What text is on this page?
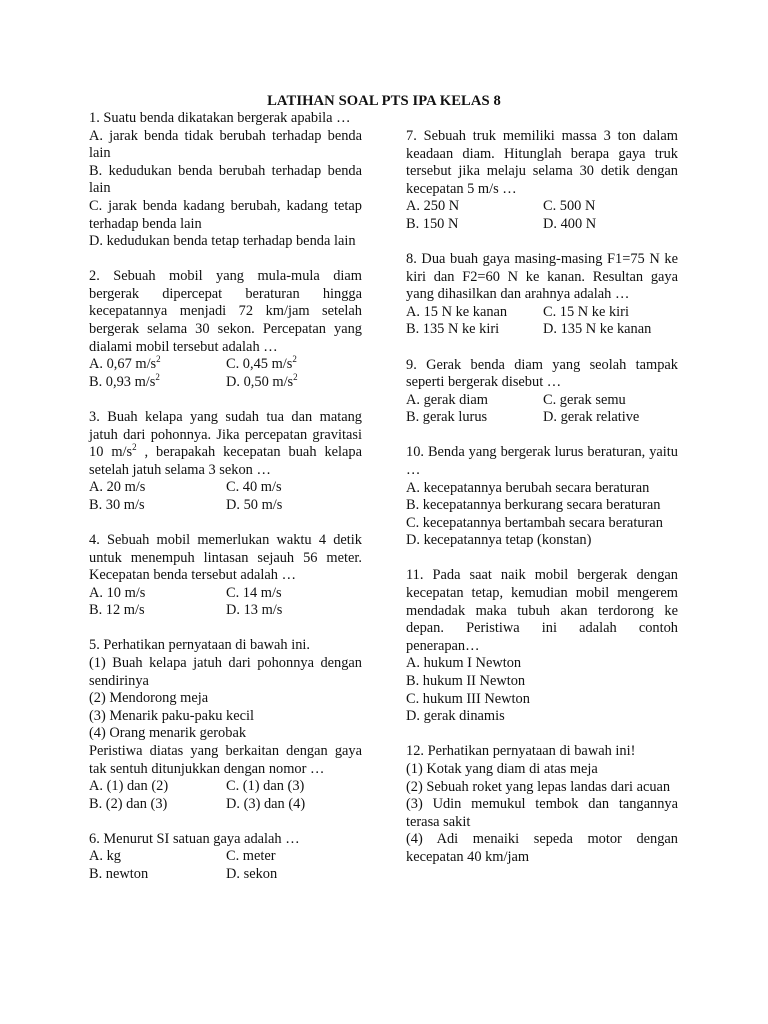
LATIHAN SOAL PTS IPA KELAS 8
1. Suatu benda dikatakan bergerak apabila …
A. jarak benda tidak berubah terhadap benda lain
B. kedudukan benda berubah terhadap benda lain
C. jarak benda kadang berubah, kadang tetap terhadap benda lain
D. kedudukan benda tetap terhadap benda lain
2. Sebuah mobil yang mula-mula diam bergerak dipercepat beraturan hingga kecepatannya menjadi 72 km/jam setelah bergerak selama 30 sekon. Percepatan yang dialami mobil tersebut adalah …
A. 0,67 $m/s^2$	C. 0,45 $m/s^2$
B. 0,93 $m/s^2$	D. 0,50 $m/s^2$
3. Buah kelapa yang sudah tua dan matang jatuh dari pohonnya. Jika percepatan gravitasi 10 $m/s^2$ , berapakah kecepatan buah kelapa setelah jatuh selama 3 sekon …
A. 20 m/s	C. 40 m/s
B. 30 m/s	D. 50 m/s
4. Sebuah mobil memerlukan waktu 4 detik untuk menempuh lintasan sejauh 56 meter. Kecepatan benda tersebut adalah …
A. 10 m/s	C. 14 m/s
B. 12 m/s	D. 13 m/s
5. Perhatikan pernyataan di bawah ini.
(1) Buah kelapa jatuh dari pohonnya dengan sendirinya
(2) Mendorong meja
(3) Menarik paku-paku kecil
(4) Orang menarik gerobak
Peristiwa diatas yang berkaitan dengan gaya tak sentuh ditunjukkan dengan nomor …
A. (1) dan (2)	C. (1) dan (3)
B. (2) dan (3)	D. (3) dan (4)
6. Menurut SI satuan gaya adalah …
A. kg	C. meter
B. newton	D. sekon
7. Sebuah truk memiliki massa 3 ton dalam keadaan diam. Hitunglah berapa gaya truk tersebut jika melaju selama 30 detik dengan kecepatan 5 m/s …
A. 250 N	C. 500 N
B. 150 N	D. 400 N
8. Dua buah gaya masing-masing F1=75 N ke kiri dan F2=60 N ke kanan. Resultan gaya yang dihasilkan dan arahnya adalah …
A. 15 N ke kanan	C. 15 N ke kiri
B. 135 N ke kiri	D. 135 N ke kanan
9. Gerak benda diam yang seolah tampak seperti bergerak disebut …
A. gerak diam	C. gerak semu
B. gerak lurus	D. gerak relative
10. Benda yang bergerak lurus beraturan, yaitu …
A. kecepatannya berubah secara beraturan
B. kecepatannya berkurang secara beraturan
C. kecepatannya bertambah secara beraturan
D. kecepatannya tetap (konstan)
11. Pada saat naik mobil bergerak dengan kecepatan tetap, kemudian mobil mengerem mendadak maka tubuh akan terdorong ke depan. Peristiwa ini adalah contoh penerapan…
A. hukum I Newton
B. hukum II Newton
C. hukum III Newton
D. gerak dinamis
12. Perhatikan pernyataan di bawah ini!
(1) Kotak yang diam di atas meja
(2) Sebuah roket yang lepas landas dari acuan
(3) Udin memukul tembok dan tangannya terasa sakit
(4) Adi menaiki sepeda motor dengan kecepatan 40 km/jam
